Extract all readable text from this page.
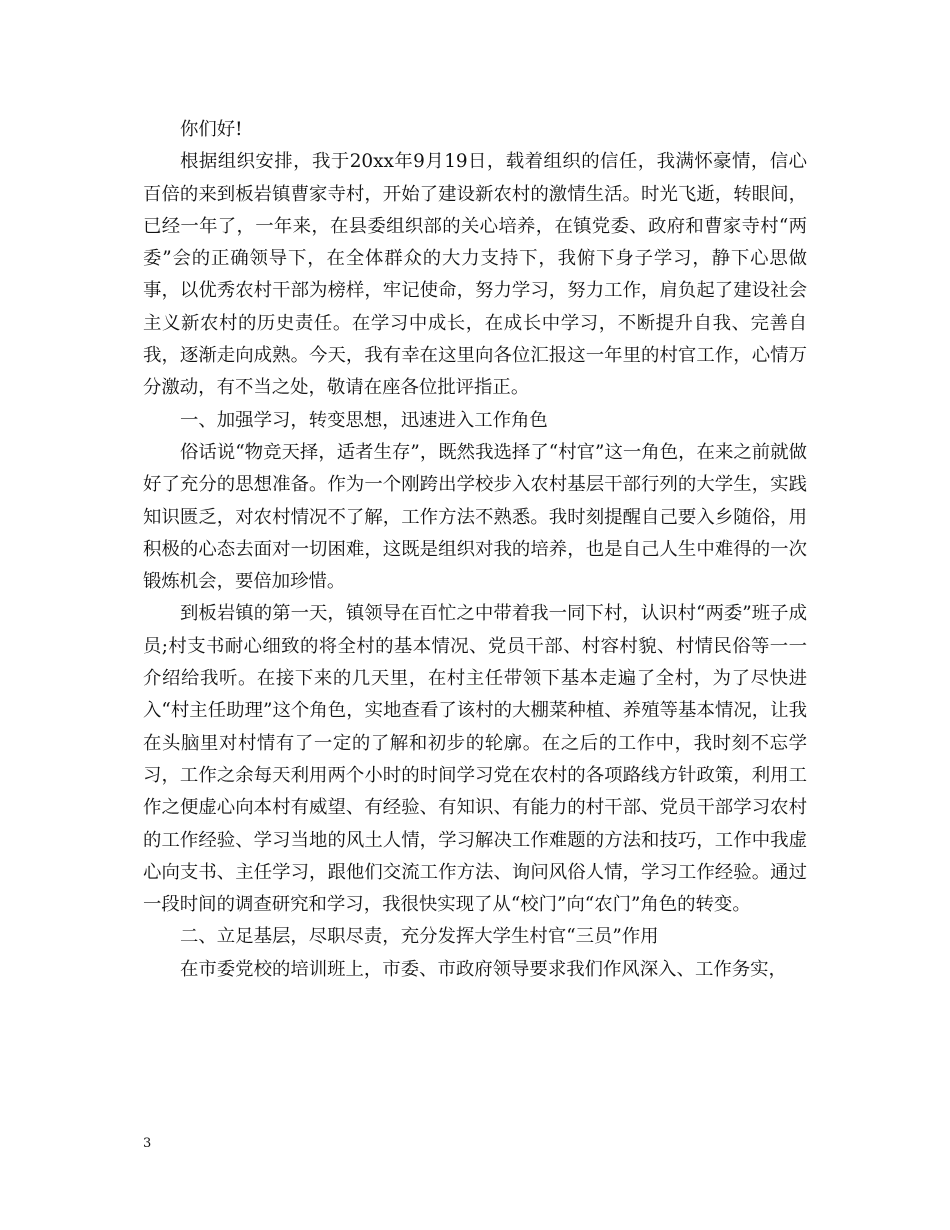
你们好!

根据组织安排，我于20xx年9月19日，载着组织的信任，我满怀豪情，信心百倍的来到板岩镇曹家寺村，开始了建设新农村的激情生活。时光飞逝，转眼间，已经一年了，一年来，在县委组织部的关心培养，在镇党委、政府和曹家寺村“两委”会的正确领导下，在全体群众的大力支持下，我俯下身子学习，静下心思做事，以优秀农村干部为榜样，牢记使命，努力学习，努力工作，肩负起了建设社会主义新农村的历史责任。在学习中成长，在成长中学习，不断提升自我、完善自我，逐渐走向成熟。今天，我有幸在这里向各位汇报这一年里的村官工作，心情万分激动，有不当之处，敬请在座各位批评指正。

一、加强学习，转变思想，迅速进入工作角色

俗话说“物竞天择，适者生存”，既然我选择了“村官”这一角色，在来之前就做好了充分的思想准备。作为一个刚跨出学校步入农村基层干部行列的大学生，实践知识匮乏，对农村情况不了解，工作方法不熟悉。我时刻提醒自己要入乡随俗，用积极的心态去面对一切困难，这既是组织对我的培养，也是自己人生中难得的一次锻炼机会，要倍加珍惜。

到板岩镇的第一天，镇领导在百忙之中带着我一同下村，认识村“两委”班子成员;村支书耐心细致的将全村的基本情况、党员干部、村容村貌、村情民俗等一一介绍给我听。在接下来的几天里，在村主任带领下基本走遍了全村，为了尽快进入“村主任助理”这个角色，实地查看了该村的大棚菜种植、养殖等基本情况，让我在头脑里对村情有了一定的了解和初步的轮廓。在之后的工作中，我时刻不忘学习，工作之余每天利用两个小时的时间学习党在农村的各项路线方针政策，利用工作之便虚心向本村有威望、有经验、有知识、有能力的村干部、党员干部学习农村的工作经验、学习当地的风土人情，学习解决工作难题的方法和技巧，工作中我虚心向支书、主任学习，跟他们交流工作方法、询问风俗人情，学习工作经验。通过一段时间的调查研究和学习，我很快实现了从“校门”向“农门”角色的转变。

二、立足基层，尽职尽责，充分发挥大学生村官“三员”作用

在市委党校的培训班上，市委、市政府领导要求我们作风深入、工作务实，

3
